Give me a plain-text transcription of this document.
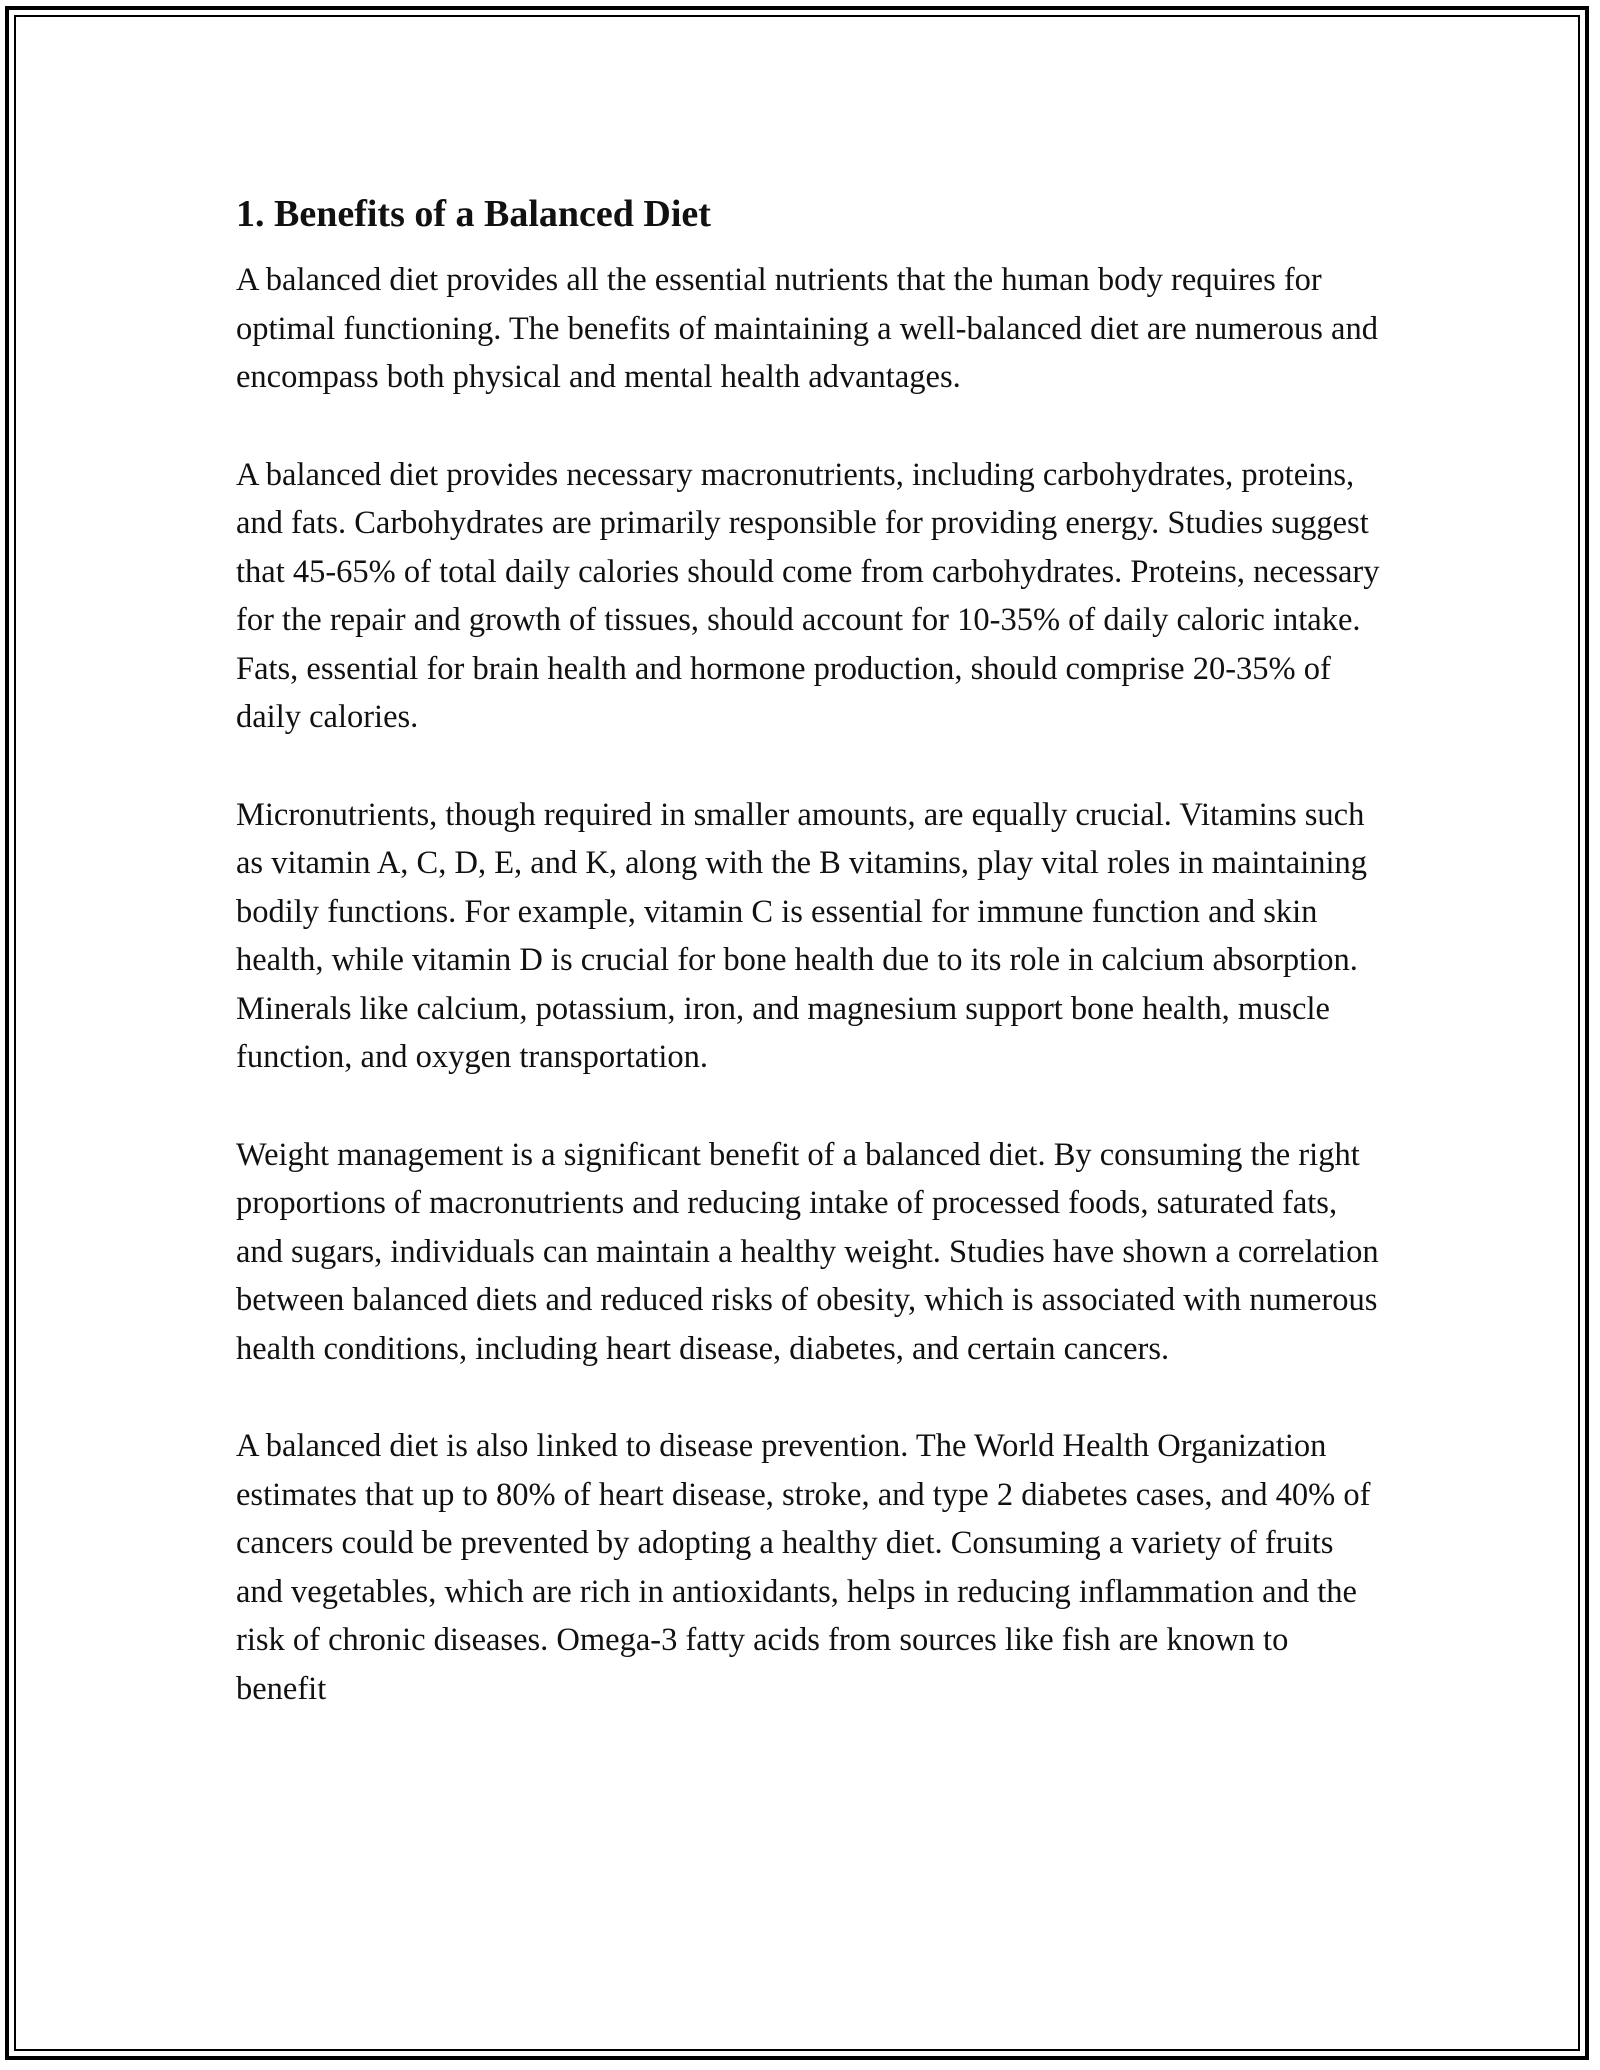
1. Benefits of a Balanced Diet

A balanced diet provides all the essential nutrients that the human body requires for optimal functioning. The benefits of maintaining a well-balanced diet are numerous and encompass both physical and mental health advantages.

A balanced diet provides necessary macronutrients, including carbohydrates, proteins, and fats. Carbohydrates are primarily responsible for providing energy. Studies suggest that 45-65% of total daily calories should come from carbohydrates. Proteins, necessary for the repair and growth of tissues, should account for 10-35% of daily caloric intake. Fats, essential for brain health and hormone production, should comprise 20-35% of daily calories.

Micronutrients, though required in smaller amounts, are equally crucial. Vitamins such as vitamin A, C, D, E, and K, along with the B vitamins, play vital roles in maintaining bodily functions. For example, vitamin C is essential for immune function and skin health, while vitamin D is crucial for bone health due to its role in calcium absorption. Minerals like calcium, potassium, iron, and magnesium support bone health, muscle function, and oxygen transportation.

Weight management is a significant benefit of a balanced diet. By consuming the right proportions of macronutrients and reducing intake of processed foods, saturated fats, and sugars, individuals can maintain a healthy weight. Studies have shown a correlation between balanced diets and reduced risks of obesity, which is associated with numerous health conditions, including heart disease, diabetes, and certain cancers.

A balanced diet is also linked to disease prevention. The World Health Organization estimates that up to 80% of heart disease, stroke, and type 2 diabetes cases, and 40% of cancers could be prevented by adopting a healthy diet. Consuming a variety of fruits and vegetables, which are rich in antioxidants, helps in reducing inflammation and the risk of chronic diseases. Omega-3 fatty acids from sources like fish are known to benefit
